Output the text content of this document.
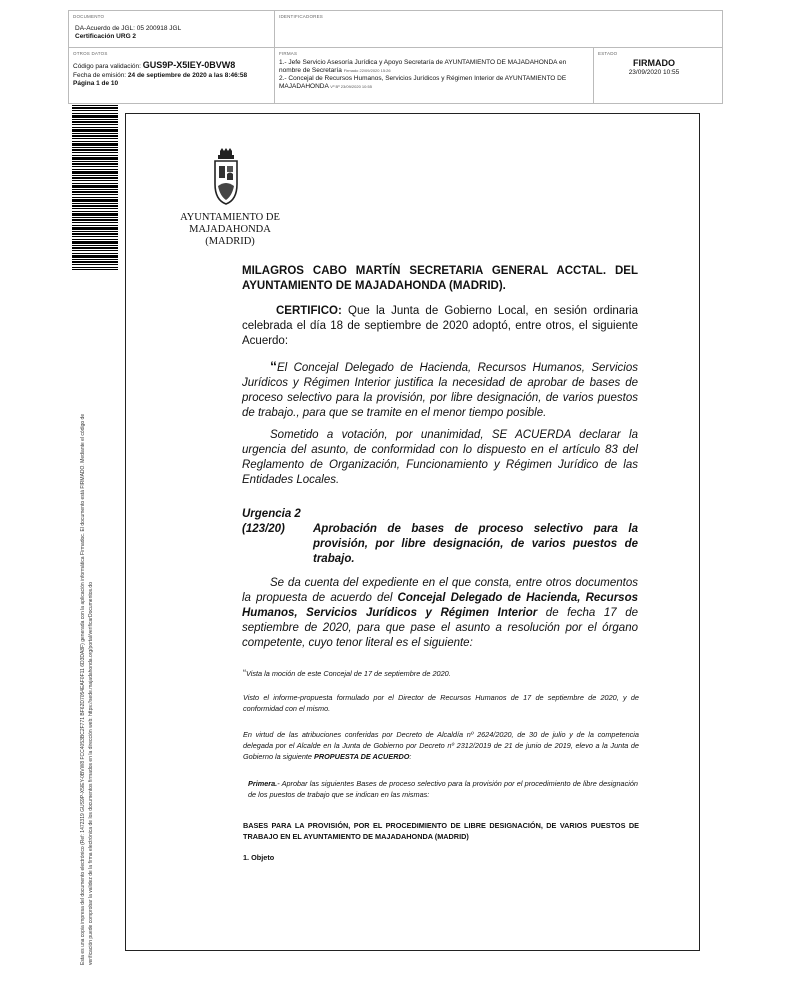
DOCUMENTO
DA-Acuerdo de JGL: 05 200918 JGL
Certificación URG 2
IDENTIFICADORES
OTROS DATOS
Código para validación: GUS9P-X5IEY-0BVW8
Fecha de emisión: 24 de septiembre de 2020 a las 8:46:58
Página 1 de 10
FIRMAS
1.- Jefe Servicio Asesoría Jurídica y Apoyo Secretaría de AYUNTAMIENTO DE MAJADAHONDA en nombre de Secretaría Firmado 22/09/2020 15:26
2.- Concejal de Recursos Humanos, Servicios Jurídicos y Régimen Interior de AYUNTAMIENTO DE MAJADAHONDA Vº Bº 23/09/2020 10:55
ESTADO
FIRMADO
23/09/2020 10:55
Esta es una copia impresa del documento electrónico (Ref: 1472319 GUS9P-X5IEY-0BVW8 FCC4053BC2F771 BF62D7054EAF0F11 6D3DA8F) generada con la aplicación informática Firmadoc. El documento está FIRMADO. Mediante el código de verificación puede comprobar la validez de la firma electrónica de los documentos firmados en la dirección web: https://sede.majadahonda.org/portal/verificarDocumentos.do
AYUNTAMIENTO DE
MAJADAHONDA
(MADRID)
MILAGROS CABO MARTÍN SECRETARIA GENERAL ACCTAL. DEL AYUNTAMIENTO DE MAJADAHONDA (MADRID).
CERTIFICO: Que la Junta de Gobierno Local, en sesión ordinaria celebrada el día 18 de septiembre de 2020 adoptó, entre otros, el siguiente Acuerdo:
“El Concejal Delegado de Hacienda, Recursos Humanos, Servicios Jurídicos y Régimen Interior justifica la necesidad de aprobar de bases de proceso selectivo para la provisión, por libre designación, de varios puestos de trabajo., para que se tramite en el menor tiempo posible.
Sometido a votación, por unanimidad, SE ACUERDA declarar la urgencia del asunto, de conformidad con lo dispuesto en el artículo 83 del Reglamento de Organización, Funcionamiento y Régimen Jurídico de las Entidades Locales.
Urgencia 2
(123/20)	Aprobación de bases de proceso selectivo para la provisión, por libre designación, de varios puestos de trabajo.
Se da cuenta del expediente en el que consta, entre otros documentos la propuesta de acuerdo del Concejal Delegado de Hacienda, Recursos Humanos, Servicios Jurídicos y Régimen Interior de fecha 17 de septiembre de 2020, para que pase el asunto a resolución por el órgano competente, cuyo tenor literal es el siguiente:
“Vista la moción de este Concejal de 17 de septiembre de 2020.
Visto el informe-propuesta formulado por el Director de Recursos Humanos de 17 de septiembre de 2020, y de conformidad con el mismo.
En virtud de las atribuciones conferidas por Decreto de Alcaldía nº 2624/2020, de 30 de julio y de la competencia delegada por el Alcalde en la Junta de Gobierno por Decreto nº 2312/2019 de 21 de junio de 2019, elevo a la Junta de Gobierno la siguiente PROPUESTA DE ACUERDO:
Primera.- Aprobar las siguientes Bases de proceso selectivo para la provisión por el procedimiento de libre designación de los puestos de trabajo que se indican en las mismas:
BASES PARA LA PROVISIÓN, POR EL PROCEDIMIENTO DE LIBRE DESIGNACIÓN, DE VARIOS PUESTOS DE TRABAJO EN EL AYUNTAMIENTO DE MAJADAHONDA (MADRID)
1. Objeto
